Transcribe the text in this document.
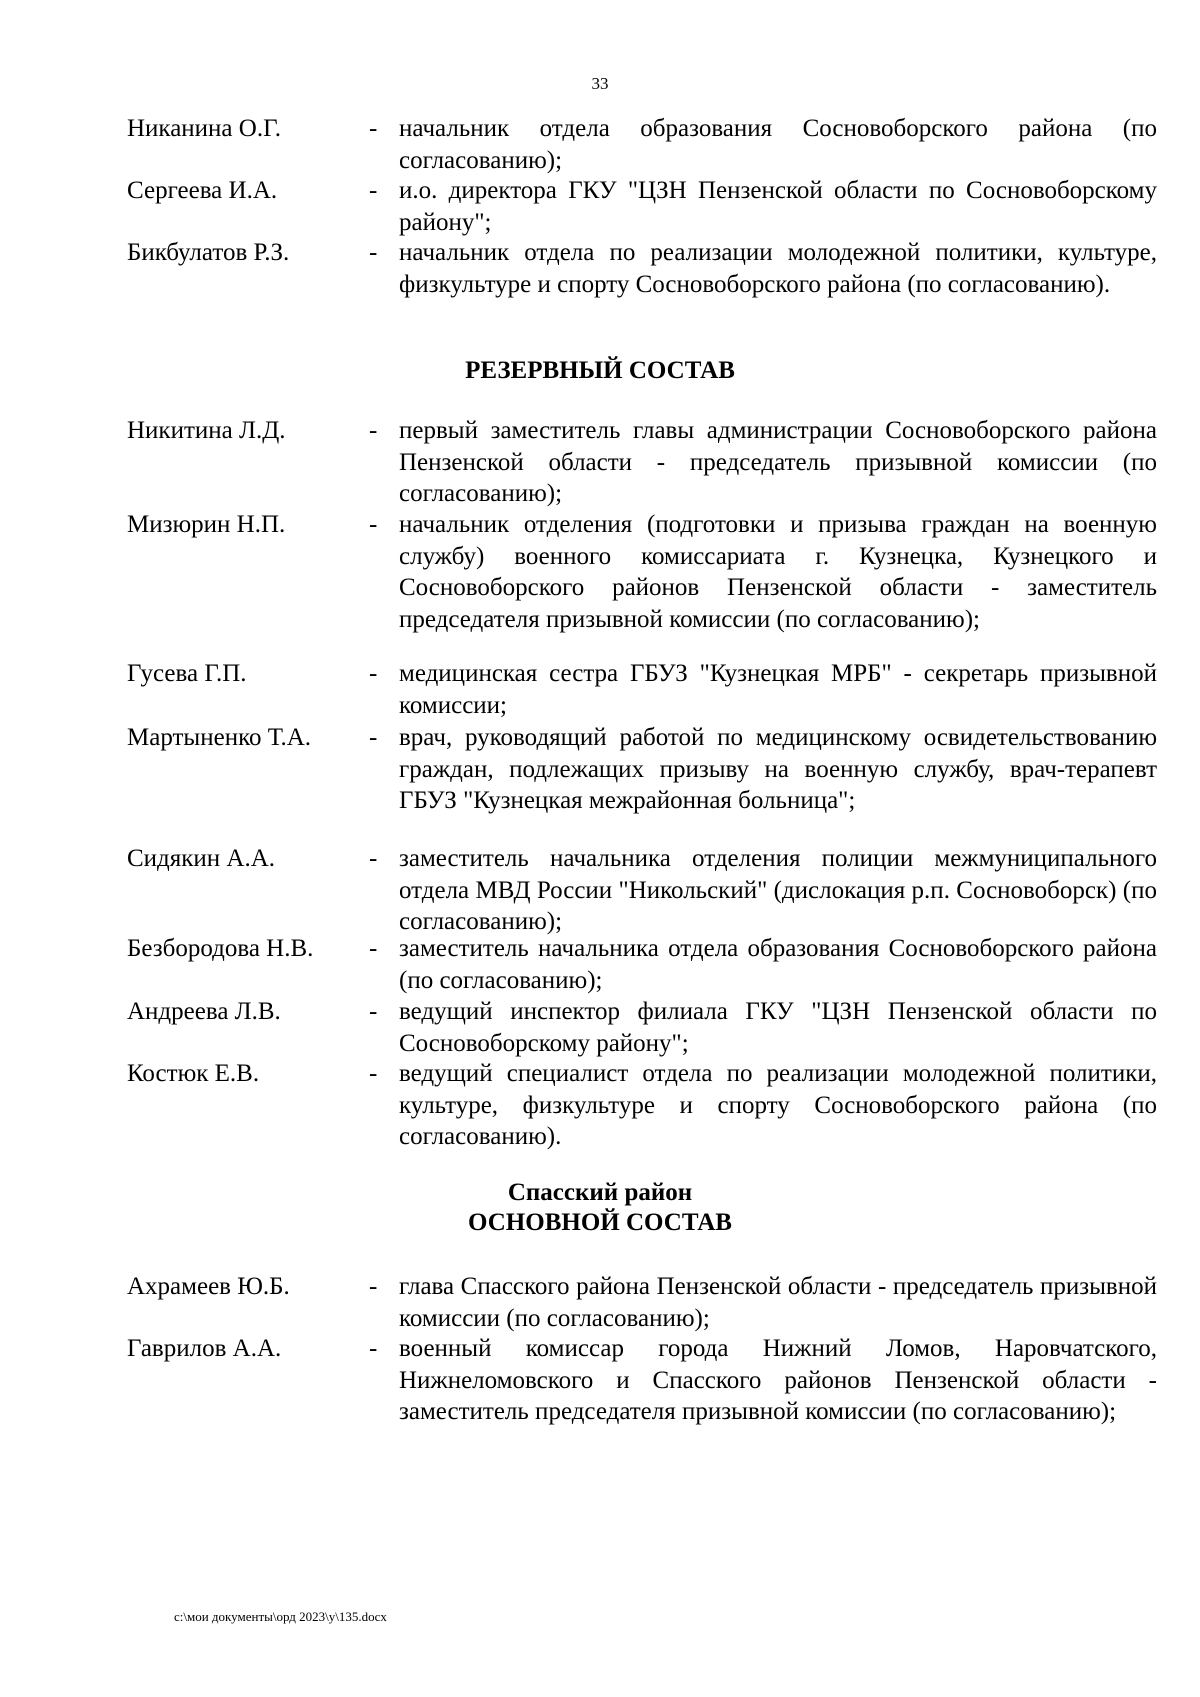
33
Никанина О.Г.	- начальник отдела образования Сосновоборского района (по согласованию);
Сергеева И.А.	- и.о. директора ГКУ "ЦЗН Пензенской области по Сосновоборскому району";
Бикбулатов Р.З.	- начальник отдела по реализации молодежной политики, культуре, физкультуре и спорту Сосновоборского района (по согласованию).
РЕЗЕРВНЫЙ СОСТАВ
Никитина Л.Д.	- первый заместитель главы администрации Сосновоборского района Пензенской области - председатель призывной комиссии (по согласованию);
Мизюрин Н.П.	- начальник отделения (подготовки и призыва граждан на военную службу) военного комиссариата г. Кузнецка, Кузнецкого и Сосновоборского районов Пензенской области - заместитель председателя призывной комиссии (по согласованию);
Гусева Г.П.	- медицинская сестра ГБУЗ "Кузнецкая МРБ" - секретарь призывной комиссии;
Мартыненко Т.А. - врач, руководящий работой по медицинскому освидетельствованию граждан, подлежащих призыву на военную службу, врач-терапевт ГБУЗ "Кузнецкая межрайонная больница";
Сидякин А.А.	- заместитель начальника отделения полиции межмуниципального отдела МВД России "Никольский" (дислокация р.п. Сосновоборск) (по согласованию);
Безбородова Н.В. - заместитель начальника отдела образования Сосновоборского района (по согласованию);
Андреева Л.В.	- ведущий инспектор филиала ГКУ "ЦЗН Пензенской области по Сосновоборскому району";
Костюк Е.В.	- ведущий специалист отдела по реализации молодежной политики, культуре, физкультуре и спорту Сосновоборского района (по согласованию).
Спасский район
ОСНОВНОЙ СОСТАВ
Ахрамеев Ю.Б.	- глава Спасского района Пензенской области - председатель призывной комиссии (по согласованию);
Гаврилов А.А.	- военный комиссар города Нижний Ломов, Наровчатского, Нижнеломовского и Спасского районов Пензенской области - заместитель председателя призывной комиссии (по согласованию);
c:\мои документы\орд 2023\у\135.docx
